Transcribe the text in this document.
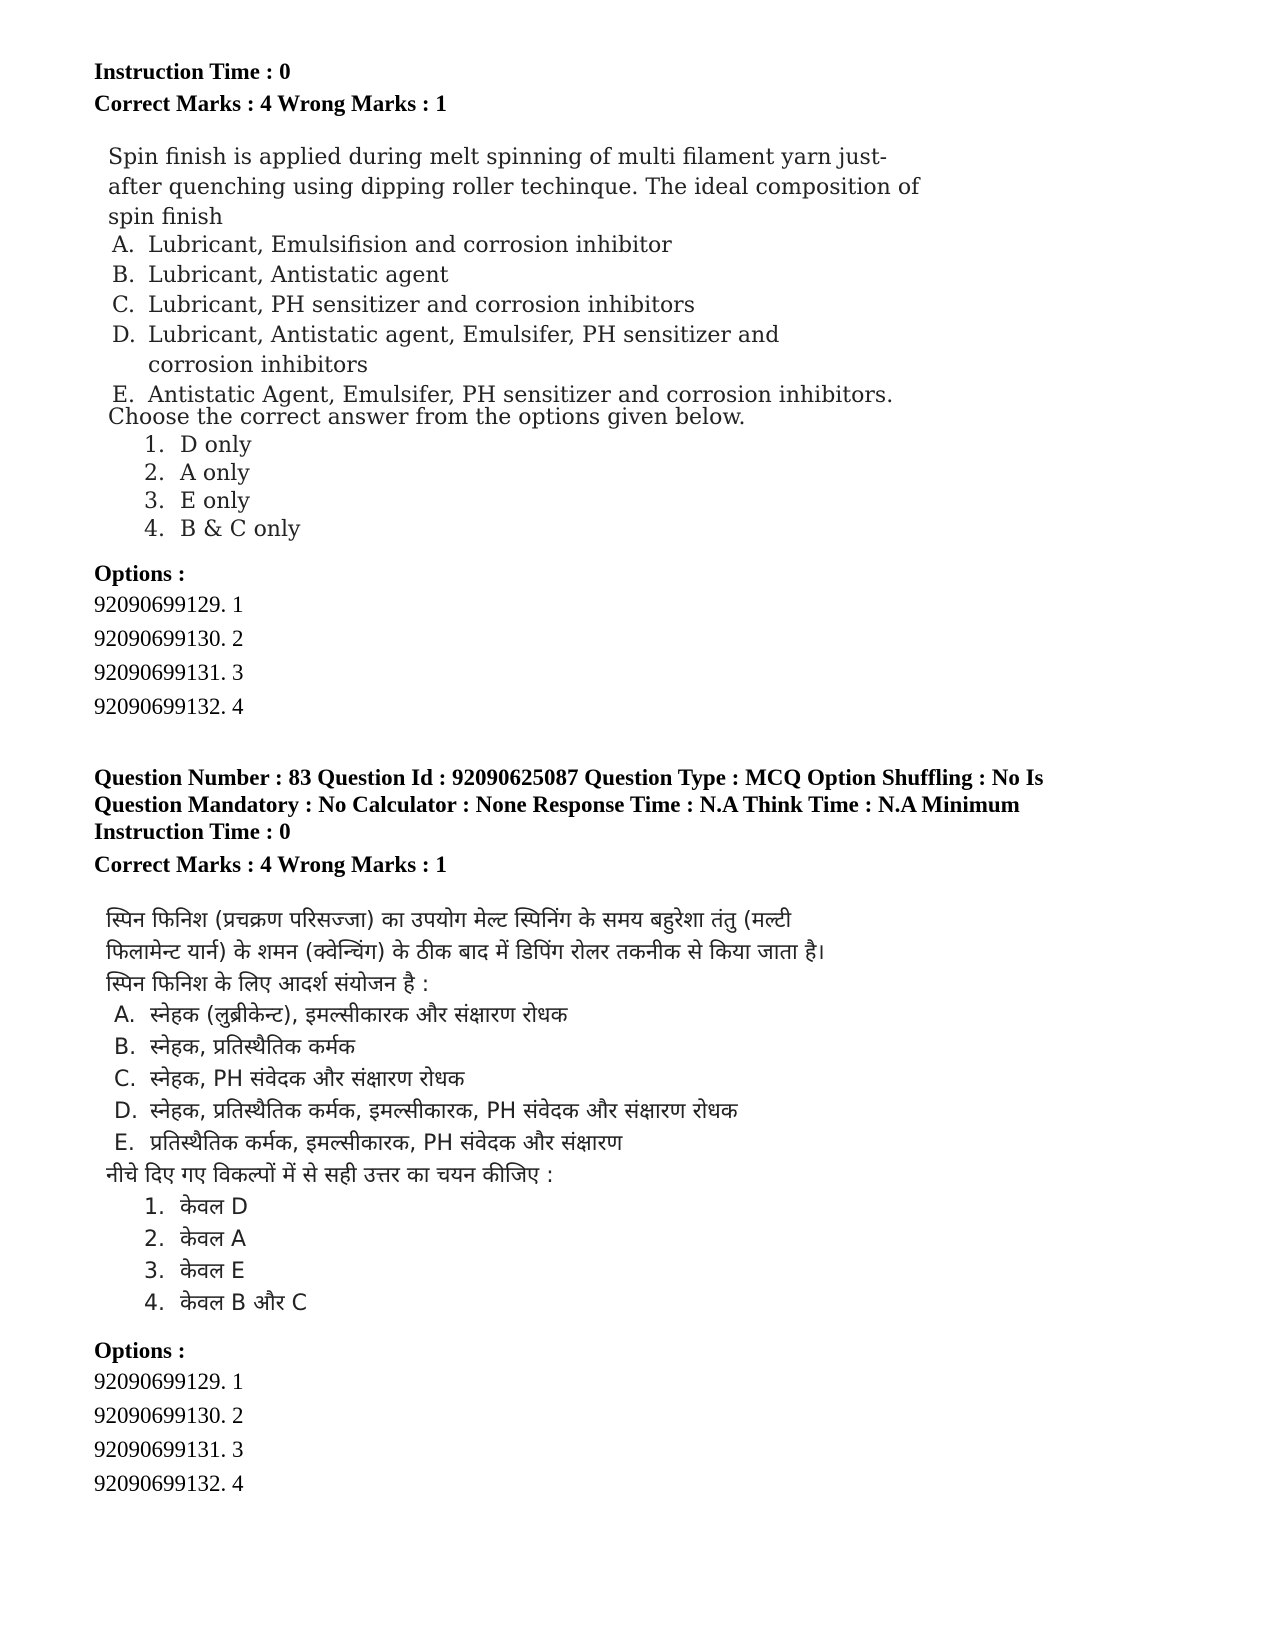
Instruction Time : 0
Correct Marks : 4 Wrong Marks : 1
Spin finish is applied during melt spinning of multi filament yarn just-
after quenching using dipping roller techinque. The ideal composition of
spin finish
A. Lubricant, Emulsifision and corrosion inhibitor
B. Lubricant, Antistatic agent
C. Lubricant, PH sensitizer and corrosion inhibitors
D. Lubricant, Antistatic agent, Emulsifer, PH sensitizer and
corrosion inhibitors
E. Antistatic Agent, Emulsifer, PH sensitizer and corrosion inhibitors.
Choose the correct answer from the options given below.
1. D only
2. A only
3. E only
4. B & C only
Options :
92090699129. 1
92090699130. 2
92090699131. 3
92090699132. 4
Question Number : 83 Question Id : 92090625087 Question Type : MCQ Option Shuffling : No Is
Question Mandatory : No Calculator : None Response Time : N.A Think Time : N.A Minimum
Instruction Time : 0
Correct Marks : 4 Wrong Marks : 1
स्पिन फिनिश (प्रचक्रण परिसज्जा) का उपयोग मेल्ट स्पिनिंग के समय बहुरेशा तंतु (मल्टी
फिलामेन्ट यार्न) के शमन (क्वेन्चिंग) के ठीक बाद में डिपिंग रोलर तकनीक से किया जाता है।
स्पिन फिनिश के लिए आदर्श संयोजन है :
A. स्नेहक (लुब्रीकेन्ट), इमल्सीकारक और संक्षारण रोधक
B. स्नेहक, प्रतिस्थैतिक कर्मक
C. स्नेहक, PH संवेदक और संक्षारण रोधक
D. स्नेहक, प्रतिस्थैतिक कर्मक, इमल्सीकारक, PH संवेदक और संक्षारण रोधक
E. प्रतिस्थैतिक कर्मक, इमल्सीकारक, PH संवेदक और संक्षारण
नीचे दिए गए विकल्पों में से सही उत्तर का चयन कीजिए :
1. केवल D
2. केवल A
3. केवल E
4. केवल B और C
Options :
92090699129. 1
92090699130. 2
92090699131. 3
92090699132. 4
